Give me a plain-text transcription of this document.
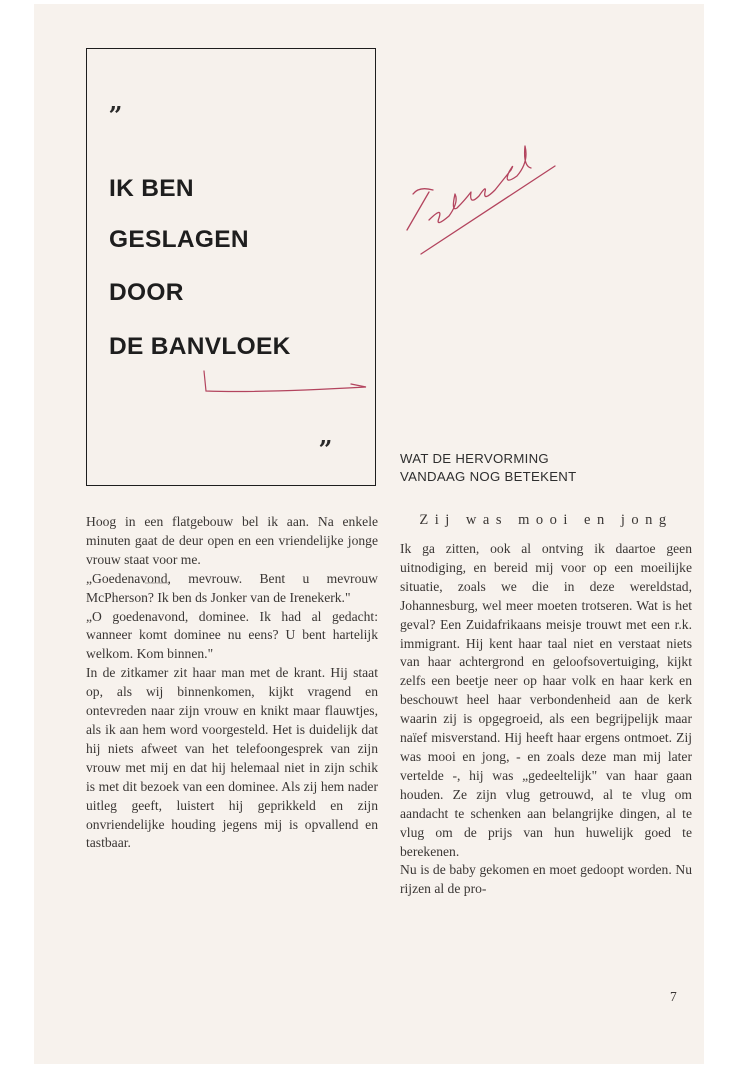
„
IK BEN
GESLAGEN
DOOR
DE BANVLOEK
„
WAT DE HERVORMING
VANDAAG NOG BETEKENT

Hoog in een flatgebouw bel ik aan. Na enkele minuten gaat de deur open en een vriendelijke jonge vrouw staat voor me.

„Goedenavond, mevrouw. Bent u mevrouw McPherson? Ik ben ds Jonker van de Irenekerk."

„O goedenavond, dominee. Ik had al gedacht: wanneer komt dominee nu eens? U bent hartelijk welkom. Kom binnen."

In de zitkamer zit haar man met de krant. Hij staat op, als wij binnenkomen, kijkt vragend en ontevreden naar zijn vrouw en knikt maar flauwtjes, als ik aan hem word voorgesteld. Het is duidelijk dat hij niets afweet van het telefoongesprek van zijn vrouw met mij en dat hij helemaal niet in zijn schik is met dit bezoek van een dominee. Als zij hem nader uitleg geeft, luistert hij geprikkeld en zijn onvriendelijke houding jegens mij is opvallend en tastbaar.

Zij was mooi en jong

Ik ga zitten, ook al ontving ik daartoe geen uitnodiging, en bereid mij voor op een moeilijke situatie, zoals we die in deze wereldstad, Johannesburg, wel meer moeten trotseren. Wat is het geval? Een Zuidafrikaans meisje trouwt met een r.k. immigrant. Hij kent haar taal niet en verstaat niets van haar achtergrond en geloofsovertuiging, kijkt zelfs een beetje neer op haar volk en haar kerk en beschouwt heel haar verbondenheid aan de kerk waarin zij is opgegroeid, als een begrijpelijk maar naïef misverstand. Hij heeft haar ergens ontmoet. Zij was mooi en jong, - en zoals deze man mij later vertelde -, hij was „gedeeltelijk" van haar gaan houden. Ze zijn vlug getrouwd, al te vlug om aandacht te schenken aan belangrijke dingen, al te vlug om de prijs van hun huwelijk goed te berekenen.

Nu is de baby gekomen en moet gedoopt worden. Nu rijzen al de pro-

7
